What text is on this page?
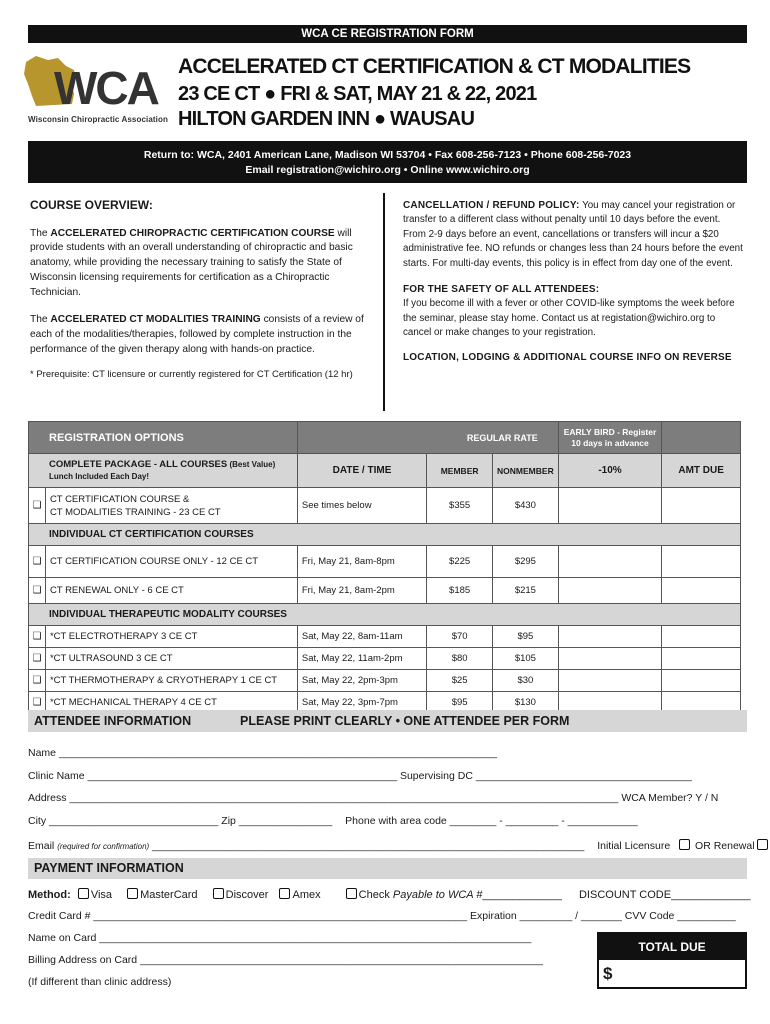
WCA CE REGISTRATION FORM
WCA
Wisconsin Chiropractic Association
ACCELERATED CT CERTIFICATION & CT MODALITIES
23 CE CT ● FRI & SAT, MAY 21 & 22, 2021
HILTON GARDEN INN ● WAUSAU
Return to: WCA, 2401 American Lane, Madison WI 53704 • Fax 608-256-7123 • Phone 608-256-7023
Email registration@wichiro.org • Online www.wichiro.org
COURSE OVERVIEW:

The ACCELERATED CHIROPRACTIC CERTIFICATION COURSE will provide students with an overall understanding of chiropractic and basic anatomy, while providing the necessary training to satisfy the State of Wisconsin licensing requirements for certification as a Chiropractic Technician.

The ACCELERATED CT MODALITIES TRAINING consists of a review of each of the modalities/therapies, followed by complete instruction in the performance of the given therapy along with hands-on practice.

* Prerequisite: CT licensure or currently registered for CT Certification (12 hr)

CANCELLATION / REFUND POLICY: You may cancel your registration or transfer to a different class without penalty until 10 days before the event. From 2-9 days before an event, cancellations or transfers will incur a $20 administrative fee. NO refunds or changes less than 24 hours before the event starts. For multi-day events, this policy is in effect from day one of the event.

FOR THE SAFETY OF ALL ATTENDEES:

If you become ill with a fever or other COVID-like symptoms the week before the seminar, please stay home. Contact us at registation@wichiro.org to cancel or make changes to your registration.

LOCATION, LODGING & ADDITIONAL COURSE INFO ON REVERSE
REGISTRATION OPTIONS		REGULAR RATE			EARLY BIRD - Register 10 days in advance	
COMPLETE PACKAGE - ALL COURSES (Best Value) Lunch Included Each Day!		DATE / TIME	MEMBER	NONMEMBER	-10%	AMT DUE
❏	CT CERTIFICATION COURSE &
CT MODALITIES TRAINING - 23 CE CT	See times below	$355	$430		
INDIVIDUAL CT CERTIFICATION COURSES						
❏	CT CERTIFICATION COURSE ONLY - 12 CE CT	Fri, May 21, 8am-8pm	$225	$295		
❏	CT RENEWAL ONLY - 6 CE CT	Fri, May 21, 8am-2pm	$185	$215		
INDIVIDUAL THERAPEUTIC MODALITY COURSES						
❏	*CT ELECTROTHERAPY 3 CE CT	Sat, May 22, 8am-11am	$70	$95		
❏	*CT ULTRASOUND 3 CE CT	Sat, May 22, 11am-2pm	$80	$105		
❏	*CT THERMOTHERAPY & CRYOTHERAPY 1 CE CT	Sat, May 22, 2pm-3pm	$25	$30		
❏	*CT MECHANICAL THERAPY 4 CE CT	Sat, May 22, 3pm-7pm	$95	$130		
ATTENDEE INFORMATION	PLEASE PRINT CLEARLY • ONE ATTENDEE PER FORM
Name ___________________________________________________________________________
Clinic Name _____________________________________________________ Supervising DC _____________________________________
Address ______________________________________________________________________________________________ WCA Member? Y / N
City _____________________________ Zip ________________ Phone with area code ________ - _________ - ____________
Email (required for confirmation) __________________________________________________________________________ Initial Licensure OR Renewal
PAYMENT INFORMATION
Method: Visa	MasterCard	Discover Amex	Check Payable to WCA #_____________ DISCOUNT CODE_____________
Credit Card # ________________________________________________________________ Expiration _________ / _______ CVV Code __________
Name on Card __________________________________________________________________________
Billing Address on Card _____________________________________________________________________
(If different than clinic address)
TOTAL DUE
$
